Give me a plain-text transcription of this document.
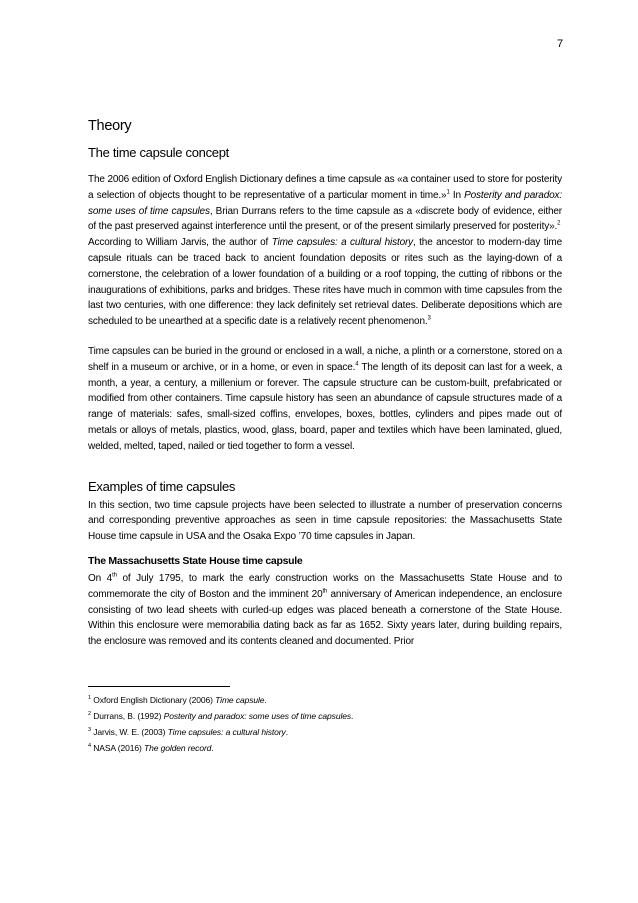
7
Theory
The time capsule concept

The 2006 edition of Oxford English Dictionary defines a time capsule as «a container used to store for posterity a selection of objects thought to be representative of a particular moment in time.»$^1$ In Posterity and paradox: some uses of time capsules, Brian Durrans refers to the time capsule as a «discrete body of evidence, either of the past preserved against interference until the present, or of the present similarly preserved for posterity».$^2$

According to William Jarvis, the author of Time capsules: a cultural history, the ancestor to modern-day time capsule rituals can be traced back to ancient foundation deposits or rites such as the laying-down of a cornerstone, the celebration of a lower foundation of a building or a roof topping, the cutting of ribbons or the inaugurations of exhibitions, parks and bridges. These rites have much in common with time capsules from the last two centuries, with one difference: they lack definitely set retrieval dates. Deliberate depositions which are scheduled to be unearthed at a specific date is a relatively recent phenomenon.$^3$

Time capsules can be buried in the ground or enclosed in a wall, a niche, a plinth or a cornerstone, stored on a shelf in a museum or archive, or in a home, or even in space.$^4$ The length of its deposit can last for a week, a month, a year, a century, a millenium or forever. The capsule structure can be custom-built, prefabricated or modified from other containers. Time capsule history has seen an abundance of capsule structures made of a range of materials: safes, small-sized coffins, envelopes, boxes, bottles, cylinders and pipes made out of metals or alloys of metals, plastics, wood, glass, board, paper and textiles which have been laminated, glued, welded, melted, taped, nailed or tied together to form a vessel.

Examples of time capsules

In this section, two time capsule projects have been selected to illustrate a number of preservation concerns and corresponding preventive approaches as seen in time capsule repositories: the Massachusetts State House time capsule in USA and the Osaka Expo ’70 time capsules in Japan.

The Massachusetts State House time capsule

On 4th of July 1795, to mark the early construction works on the Massachusetts State House and to commemorate the city of Boston and the imminent 20th anniversary of American independence, an enclosure consisting of two lead sheets with curled-up edges was placed beneath a cornerstone of the State House. Within this enclosure were memorabilia dating back as far as 1652. Sixty years later, during building repairs, the enclosure was removed and its contents cleaned and documented. Prior

$^1$ Oxford English Dictionary (2006) Time capsule.
$^2$ Durrans, B. (1992) Posterity and paradox: some uses of time capsules.
$^3$ Jarvis, W. E. (2003) Time capsules: a cultural history.
$^4$ NASA (2016) The golden record.
